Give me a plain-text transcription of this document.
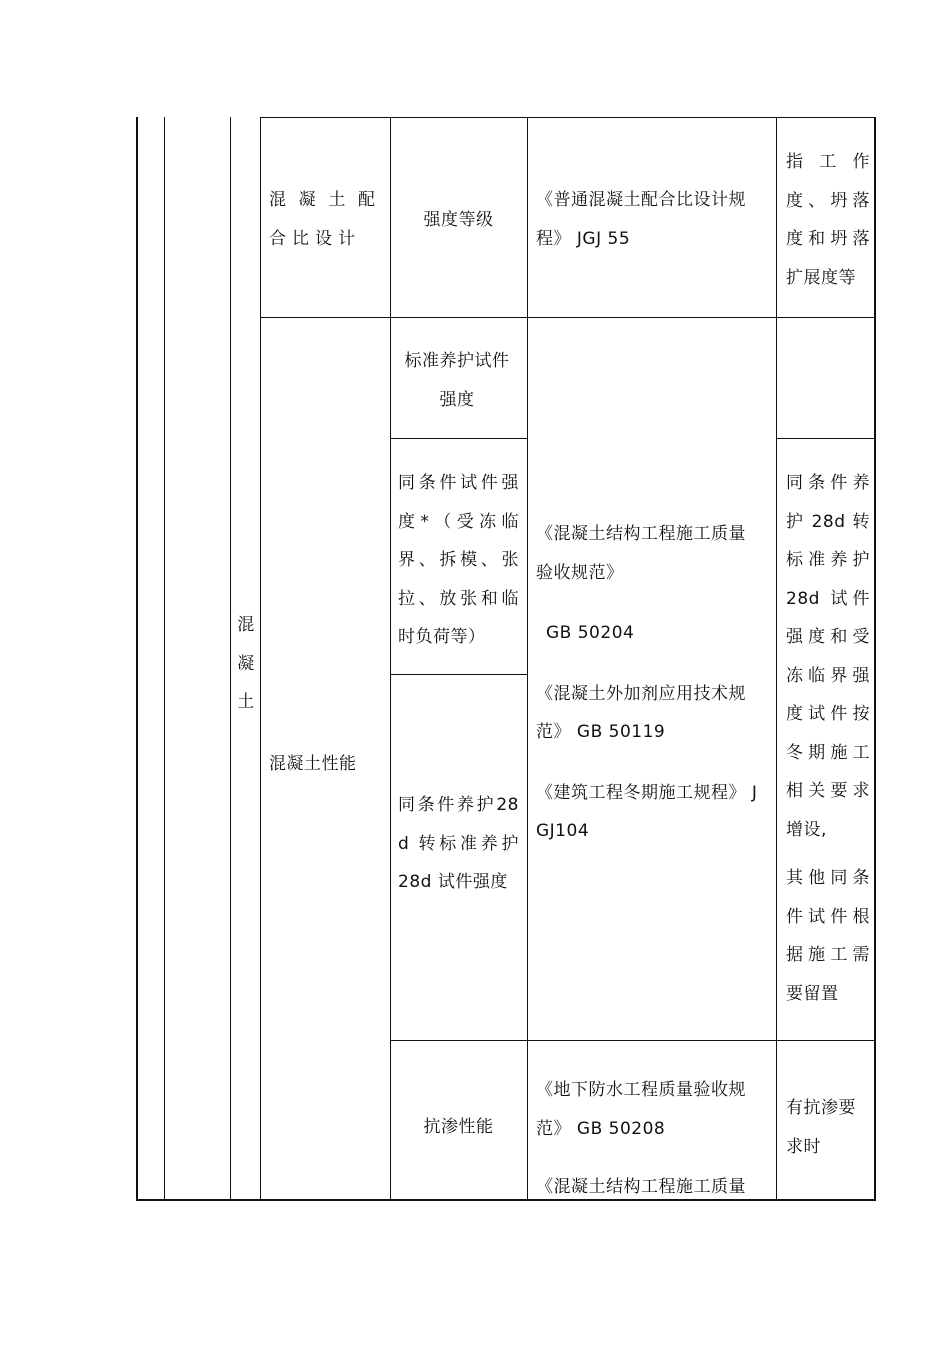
混凝土
混凝土配合比设计
强度等级
《普通混凝土配合比设计规程》 JGJ 55
指工作度、坍落度和坍落扩展度等
混凝土性能
标准养护试件强度
同条件试件强度*（受冻临界、拆模、张拉、放张和临时负荷等）
同条件养护28d 转标准养护 28d 试件强度
《混凝土结构工程施工质量验收规范》
GB 50204
《混凝土外加剂应用技术规范》 GB 50119
《建筑工程冬期施工规程》 JGJ104
同条件养护 28d 转标准养护 28d 试件强度和受冻临界强度试件按冬期施工相关要求增设,
其他同条件试件根据施工需要留置
抗渗性能
《地下防水工程质量验收规范》 GB 50208
《混凝土结构工程施工质量
有抗渗要求时
